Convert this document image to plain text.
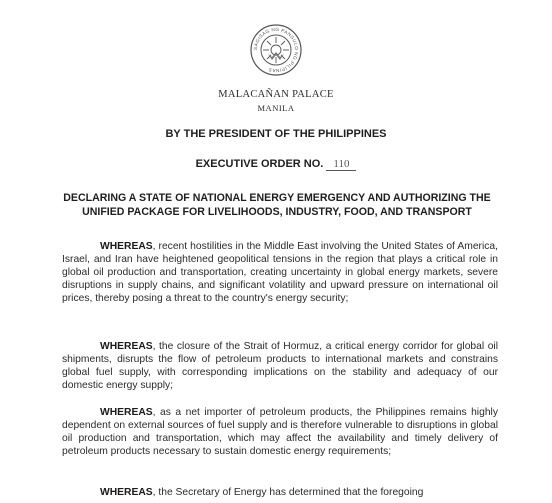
SAGISAG NG PANGULO NG PILIPINAS
MALACAÑAN PALACE
MANILA
BY THE PRESIDENT OF THE PHILIPPINES
EXECUTIVE ORDER NO. 110
DECLARING A STATE OF NATIONAL ENERGY EMERGENCY AND AUTHORIZING THE UNIFIED PACKAGE FOR LIVELIHOODS, INDUSTRY, FOOD, AND TRANSPORT

WHEREAS, recent hostilities in the Middle East involving the United States of America, Israel, and Iran have heightened geopolitical tensions in the region that plays a critical role in global oil production and transportation, creating uncertainty in global energy markets, severe disruptions in supply chains, and significant volatility and upward pressure on international oil prices, thereby posing a threat to the country's energy security;

WHEREAS, the closure of the Strait of Hormuz, a critical energy corridor for global oil shipments, disrupts the flow of petroleum products to international markets and constrains global fuel supply, with corresponding implications on the stability and adequacy of our domestic energy supply;

WHEREAS, as a net importer of petroleum products, the Philippines remains highly dependent on external sources of fuel supply and is therefore vulnerable to disruptions in global oil production and transportation, which may affect the availability and timely delivery of petroleum products necessary to sustain domestic energy requirements;

WHEREAS, the Secretary of Energy has determined that the foregoing
